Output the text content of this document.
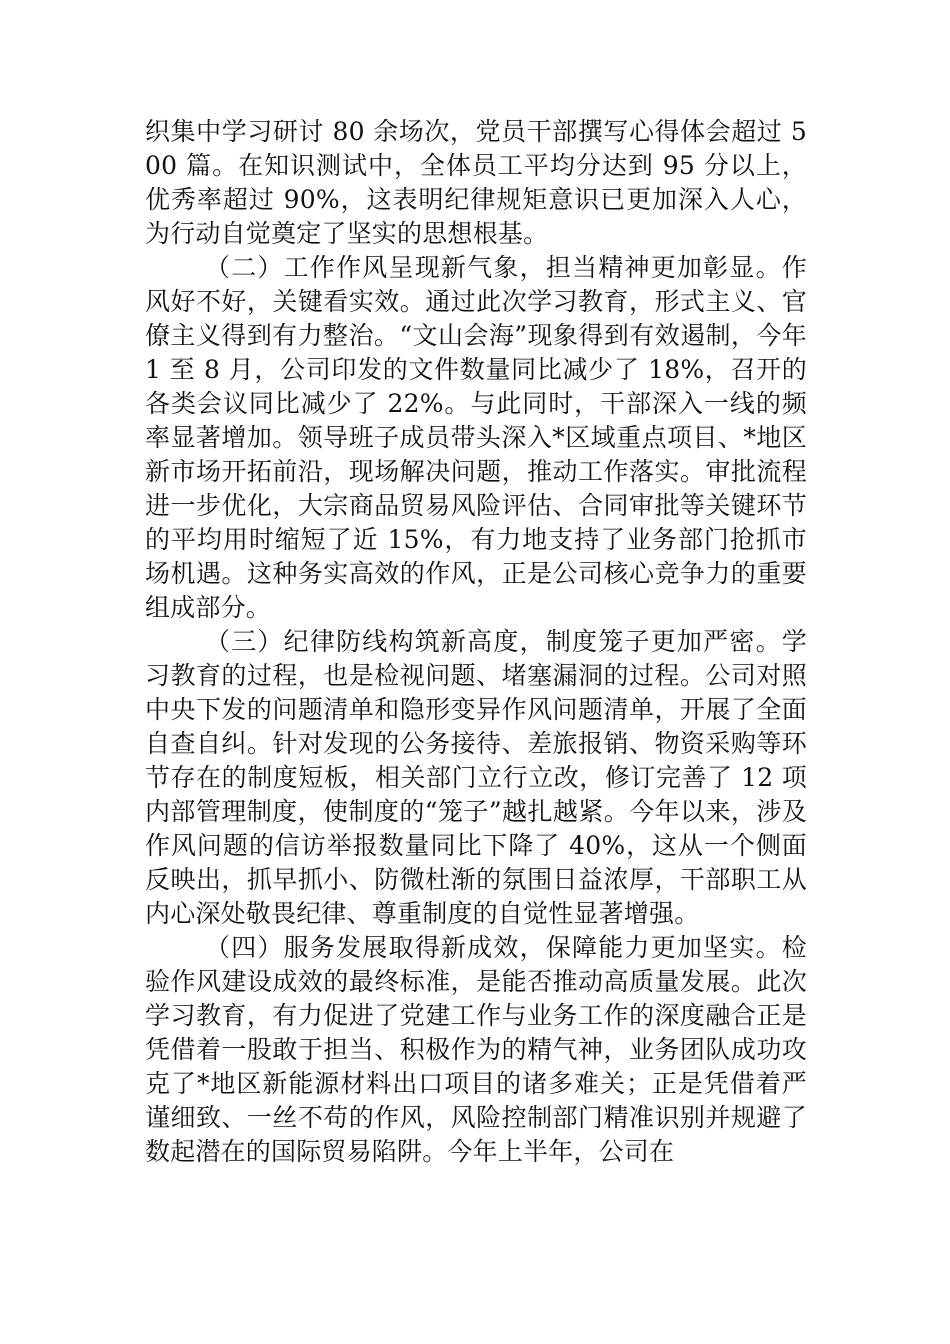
织集中学习研讨 80 余场次，党员干部撰写心得体会超过 500 篇。在知识测试中，全体员工平均分达到 95 分以上，优秀率超过 90%，这表明纪律规矩意识已更加深入人心，为行动自觉奠定了坚实的思想根基。

（二）工作作风呈现新气象，担当精神更加彰显。作风好不好，关键看实效。通过此次学习教育，形式主义、官僚主义得到有力整治。“文山会海”现象得到有效遏制，今年 1 至 8 月，公司印发的文件数量同比减少了 18%，召开的各类会议同比减少了 22%。与此同时，干部深入一线的频率显著增加。领导班子成员带头深入*区域重点项目、*地区新市场开拓前沿，现场解决问题，推动工作落实。审批流程进一步优化，大宗商品贸易风险评估、合同审批等关键环节的平均用时缩短了近 15%，有力地支持了业务部门抢抓市场机遇。这种务实高效的作风，正是公司核心竞争力的重要组成部分。

（三）纪律防线构筑新高度，制度笼子更加严密。学习教育的过程，也是检视问题、堵塞漏洞的过程。公司对照中央下发的问题清单和隐形变异作风问题清单，开展了全面自查自纠。针对发现的公务接待、差旅报销、物资采购等环节存在的制度短板，相关部门立行立改，修订完善了 12 项内部管理制度，使制度的“笼子”越扎越紧。今年以来，涉及作风问题的信访举报数量同比下降了 40%，这从一个侧面反映出，抓早抓小、防微杜渐的氛围日益浓厚，干部职工从内心深处敬畏纪律、尊重制度的自觉性显著增强。

（四）服务发展取得新成效，保障能力更加坚实。检验作风建设成效的最终标准，是能否推动高质量发展。此次学习教育，有力促进了党建工作与业务工作的深度融合正是凭借着一股敢于担当、积极作为的精气神，业务团队成功攻克了*地区新能源材料出口项目的诸多难关；正是凭借着严谨细致、一丝不苟的作风，风险控制部门精准识别并规避了数起潜在的国际贸易陷阱。今年上半年，公司在
